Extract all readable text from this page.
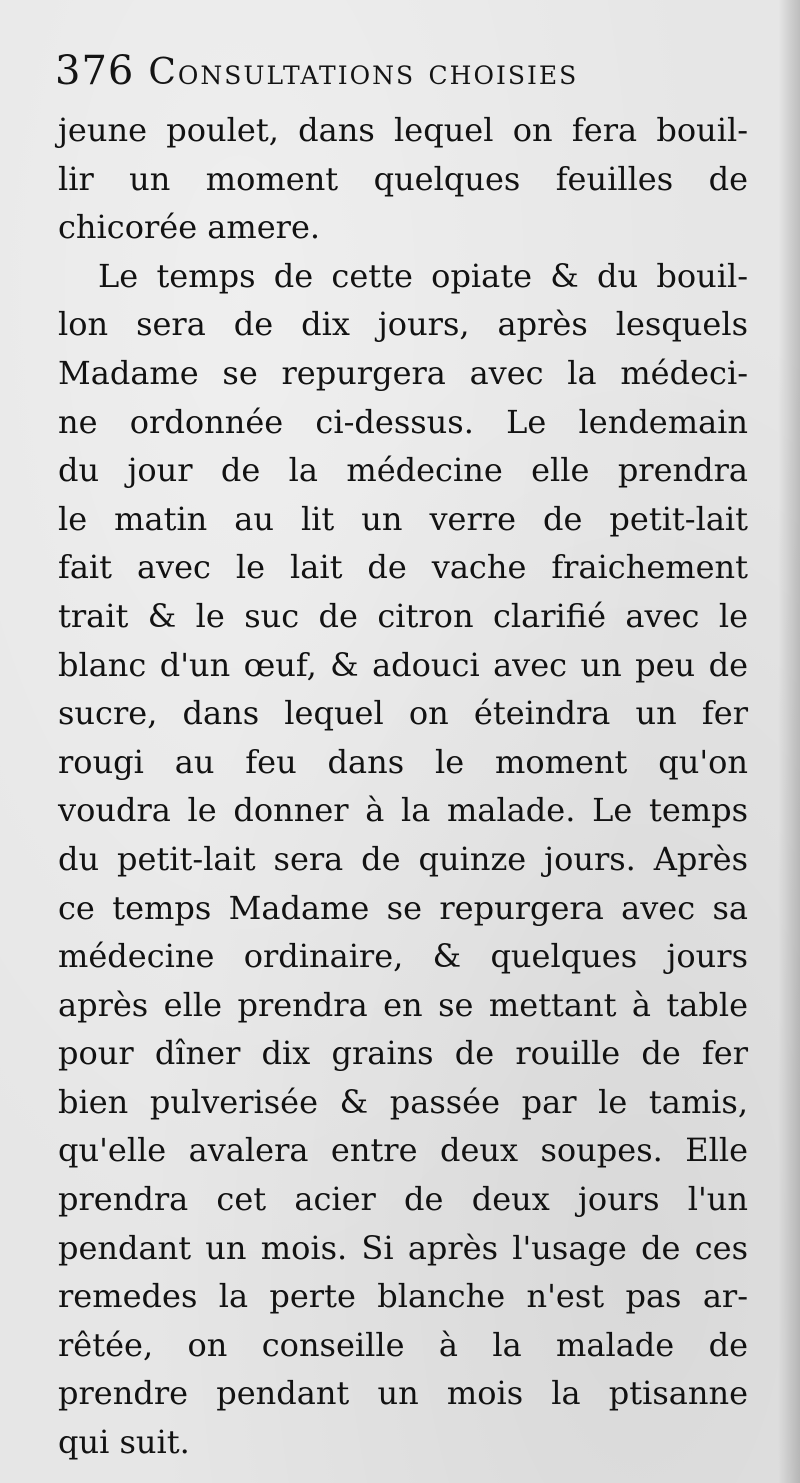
376 Consultations choisies
jeune poulet, dans lequel on fera bouil-
lir un moment quelques feuilles de
chicorée amere.
Le temps de cette opiate & du bouil-
lon sera de dix jours, après lesquels
Madame se repurgera avec la médeci-
ne ordonnée ci-dessus. Le lendemain
du jour de la médecine elle prendra
le matin au lit un verre de petit-lait
fait avec le lait de vache fraichement
trait & le suc de citron clarifié avec le
blanc d'un œuf, & adouci avec un peu de
sucre, dans lequel on éteindra un fer
rougi au feu dans le moment qu'on
voudra le donner à la malade. Le temps
du petit-lait sera de quinze jours. Après
ce temps Madame se repurgera avec sa
médecine ordinaire, & quelques jours
après elle prendra en se mettant à table
pour dîner dix grains de rouille de fer
bien pulverisée & passée par le tamis,
qu'elle avalera entre deux soupes. Elle
prendra cet acier de deux jours l'un
pendant un mois. Si après l'usage de ces
remedes la perte blanche n'est pas ar-
rêtée, on conseille à la malade de
prendre pendant un mois la ptisanne
qui suit.
